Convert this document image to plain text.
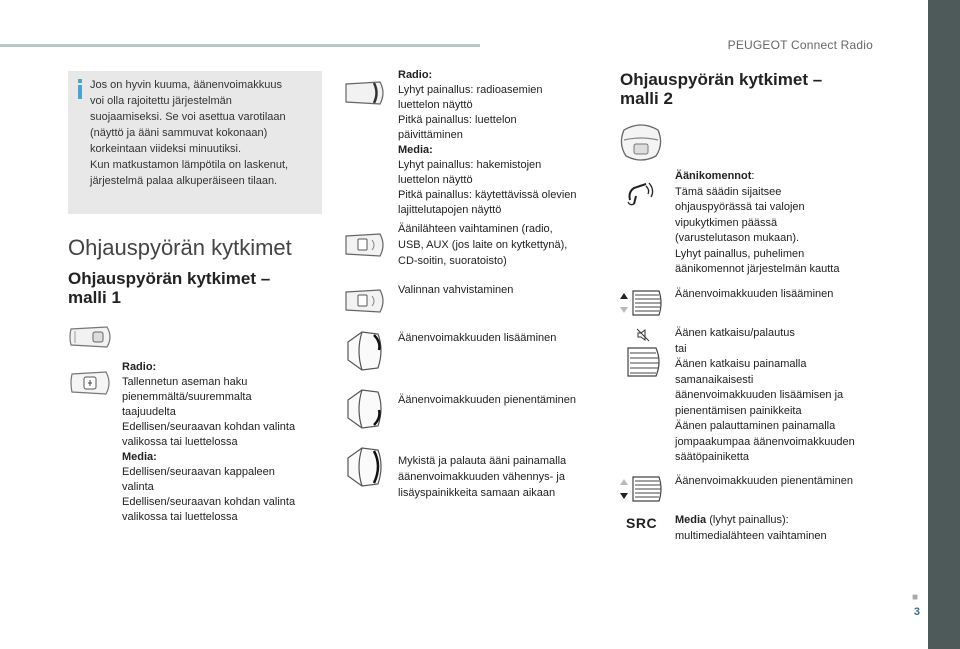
PEUGEOT Connect Radio
■
3
Jos on hyvin kuuma, äänenvoimakkuus
voi olla rajoitettu järjestelmän
suojaamiseksi. Se voi asettua varotilaan
(näyttö ja ääni sammuvat kokonaan)
korkeintaan viideksi minuutiksi.
Kun matkustamon lämpötila on laskenut,
järjestelmä palaa alkuperäiseen tilaan.
Ohjauspyörän kytkimet
Ohjauspyörän kytkimet –
malli 1
Radio:
Tallennetun aseman haku
pienemmältä/suuremmalta
taajuudelta
Edellisen/seuraavan kohdan valinta
valikossa tai luettelossa
Media:
Edellisen/seuraavan kappaleen
valinta
Edellisen/seuraavan kohdan valinta
valikossa tai luettelossa
Radio:
Lyhyt painallus: radioasemien
luettelon näyttö
Pitkä painallus: luettelon
päivittäminen
Media:
Lyhyt painallus: hakemistojen
luettelon näyttö
Pitkä painallus: käytettävissä olevien
lajittelutapojen näyttö
Äänilähteen vaihtaminen (radio,
USB, AUX (jos laite on kytkettynä),
CD-soitin, suoratoisto)
Valinnan vahvistaminen
Äänenvoimakkuuden lisääminen
Äänenvoimakkuuden pienentäminen
Mykistä ja palauta ääni painamalla
äänenvoimakkuuden vähennys- ja
lisäyspainikkeita samaan aikaan
Ohjauspyörän kytkimet –
malli 2
SRC
Äänikomennot:
Tämä säädin sijaitsee
ohjauspyörässä tai valojen
vipukytkimen päässä
(varustelutason mukaan).
Lyhyt painallus, puhelimen
äänikomennot järjestelmän kautta
Äänenvoimakkuuden lisääminen
Äänen katkaisu/palautus
tai
Äänen katkaisu painamalla
samanaikaisesti
äänenvoimakkuuden lisäämisen ja
pienentämisen painikkeita
Äänen palauttaminen painamalla
jompaakumpaa äänenvoimakkuuden
säätöpainiketta
Äänenvoimakkuuden pienentäminen
Media (lyhyt painallus):
multimedialähteen vaihtaminen
